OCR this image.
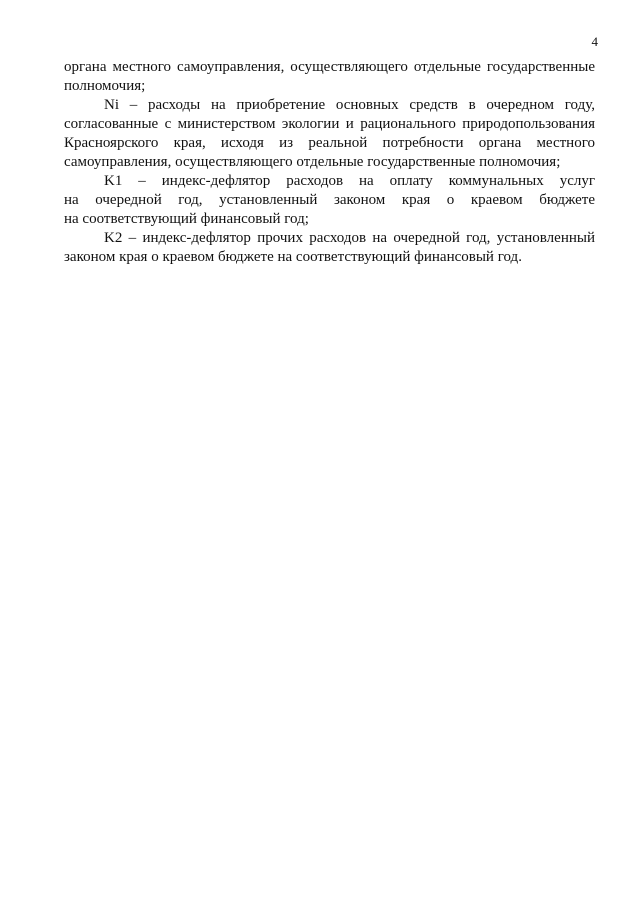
4
органа местного самоуправления, осуществляющего отдельные государственные
полномочия;
Ni – расходы на приобретение основных средств в очередном году,
согласованные с министерством экологии и рационального природопользования
Красноярского края, исходя из реальной потребности органа местного
самоуправления, осуществляющего отдельные государственные полномочия;
K1 – индекс-дефлятор расходов на оплату коммунальных услуг
на очередной год, установленный законом края о краевом бюджете
на соответствующий финансовый год;
K2 – индекс-дефлятор прочих расходов на очередной год, установленный
законом края о краевом бюджете на соответствующий финансовый год.
